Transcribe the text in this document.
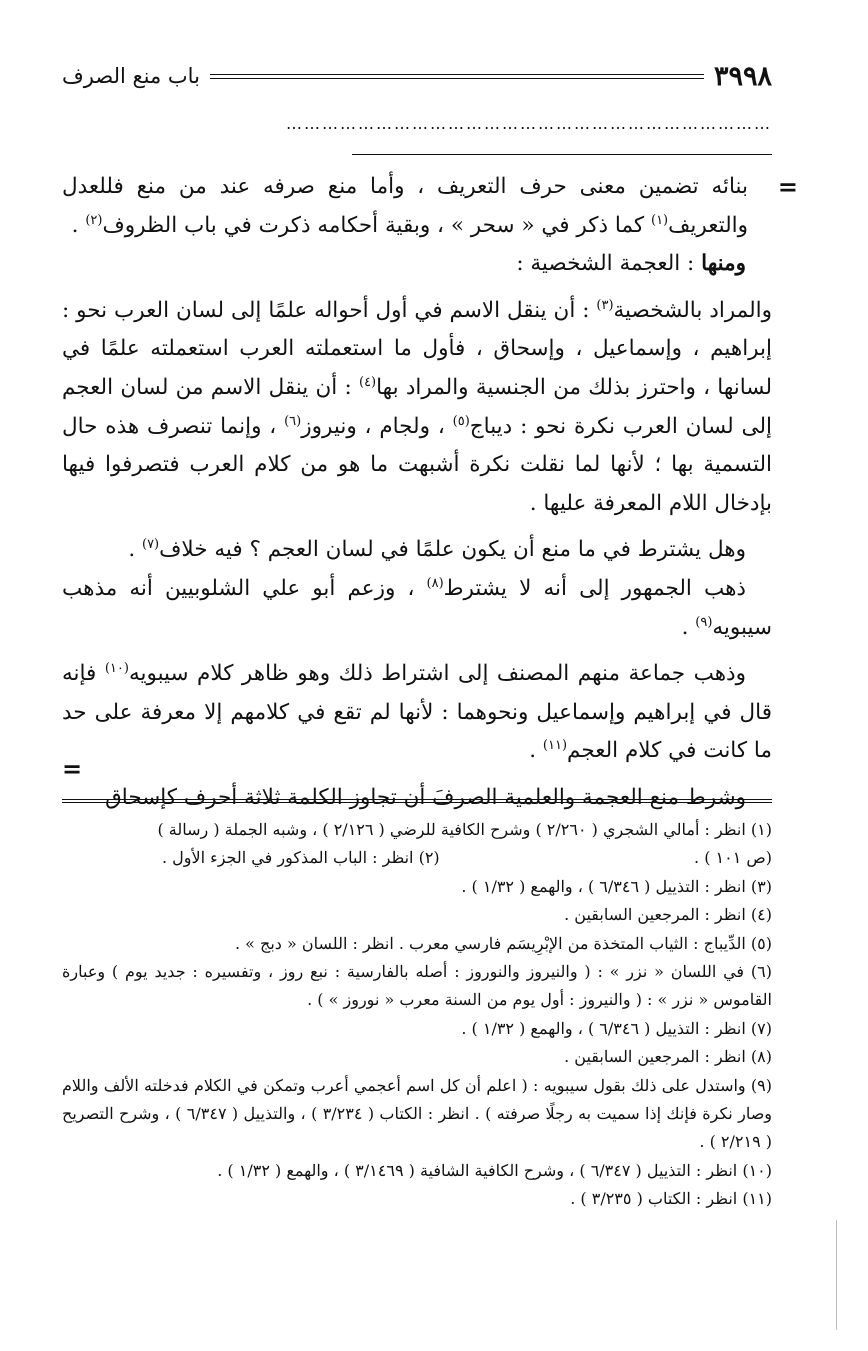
٣٩٩٨
باب منع الصرف
………………………………………………………………………
=

بنائه تضمين معنى حرف التعريف ، وأما منع صرفه عند من منع فللعدل والتعريف$^{(١)}$ كما ذكر في « سحر » ، وبقية أحكامه ذكرت في باب الظروف$^{(٢)}$ .

ومنها : العجمة الشخصية :

والمراد بالشخصية$^{(٣)}$ : أن ينقل الاسم في أول أحواله علمًا إلى لسان العرب نحو : إبراهيم ، وإسماعيل ، وإسحاق ، فأول ما استعملته العرب استعملته علمًا في لسانها ، واحترز بذلك من الجنسية والمراد بها$^{(٤)}$ : أن ينقل الاسم من لسان العجم إلى لسان العرب نكرة نحو : ديباج$^{(٥)}$ ، ولجام ، ونيروز$^{(٦)}$ ، وإنما تنصرف هذه حال التسمية بها ؛ لأنها لما نقلت نكرة أشبهت ما هو من كلام العرب فتصرفوا فيها بإدخال اللام المعرفة عليها .

وهل يشترط في ما منع أن يكون علمًا في لسان العجم ؟ فيه خلاف$^{(٧)}$ .

ذهب الجمهور إلى أنه لا يشترط$^{(٨)}$ ، وزعم أبو علي الشلوبيين أنه مذهب سيبويه$^{(٩)}$ .

وذهب جماعة منهم المصنف إلى اشتراط ذلك وهو ظاهر كلام سيبويه$^{(١٠)}$ فإنه قال في إبراهيم وإسماعيل ونحوهما : لأنها لم تقع في كلامهم إلا معرفة على حد ما كانت في كلام العجم$^{(١١)}$ .

وشرط منع العجمة والعلمية الصرفَ أن تجاوز الكلمة ثلاثة أحرف كإسحاق

=

(١) انظر : أمالي الشجري ( ٢/٢٦٠ ) وشرح الكافية للرضي ( ٢/١٢٦ ) ، وشبه الجملة ( رسالة )

(ص ١٠١ ) .
(٢) انظر : الباب المذكور في الجزء الأول .

(٣) انظر : التذييل ( ٦/٣٤٦ ) ، والهمع ( ١/٣٢ ) .

(٤) انظر : المرجعين السابقين .

(٥) الدِّيباج : الثياب المتخذة من الإبْرِيسَم فارسي معرب . انظر : اللسان « دبج » .

(٦) في اللسان « نزر » : ( والنيروز والنوروز : أصله بالفارسية : نبع روز ، وتفسيره : جديد يوم ) وعبارة القاموس « نزر » : ( والنيروز : أول يوم من السنة معرب « نوروز » ) .

(٧) انظر : التذييل ( ٦/٣٤٦ ) ، والهمع ( ١/٣٢ ) .

(٨) انظر : المرجعين السابقين .

(٩) واستدل على ذلك بقول سيبويه : ( اعلم أن كل اسم أعجمي أعرب وتمكن في الكلام فدخلته الألف واللام وصار نكرة فإنك إذا سميت به رجلًا صرفته ) . انظر : الكتاب ( ٣/٢٣٤ ) ، والتذييل ( ٦/٣٤٧ ) ، وشرح التصريح ( ٢/٢١٩ ) .

(١٠) انظر : التذييل ( ٦/٣٤٧ ) ، وشرح الكافية الشافية ( ٣/١٤٦٩ ) ، والهمع ( ١/٣٢ ) .

(١١) انظر : الكتاب ( ٣/٢٣٥ ) .
